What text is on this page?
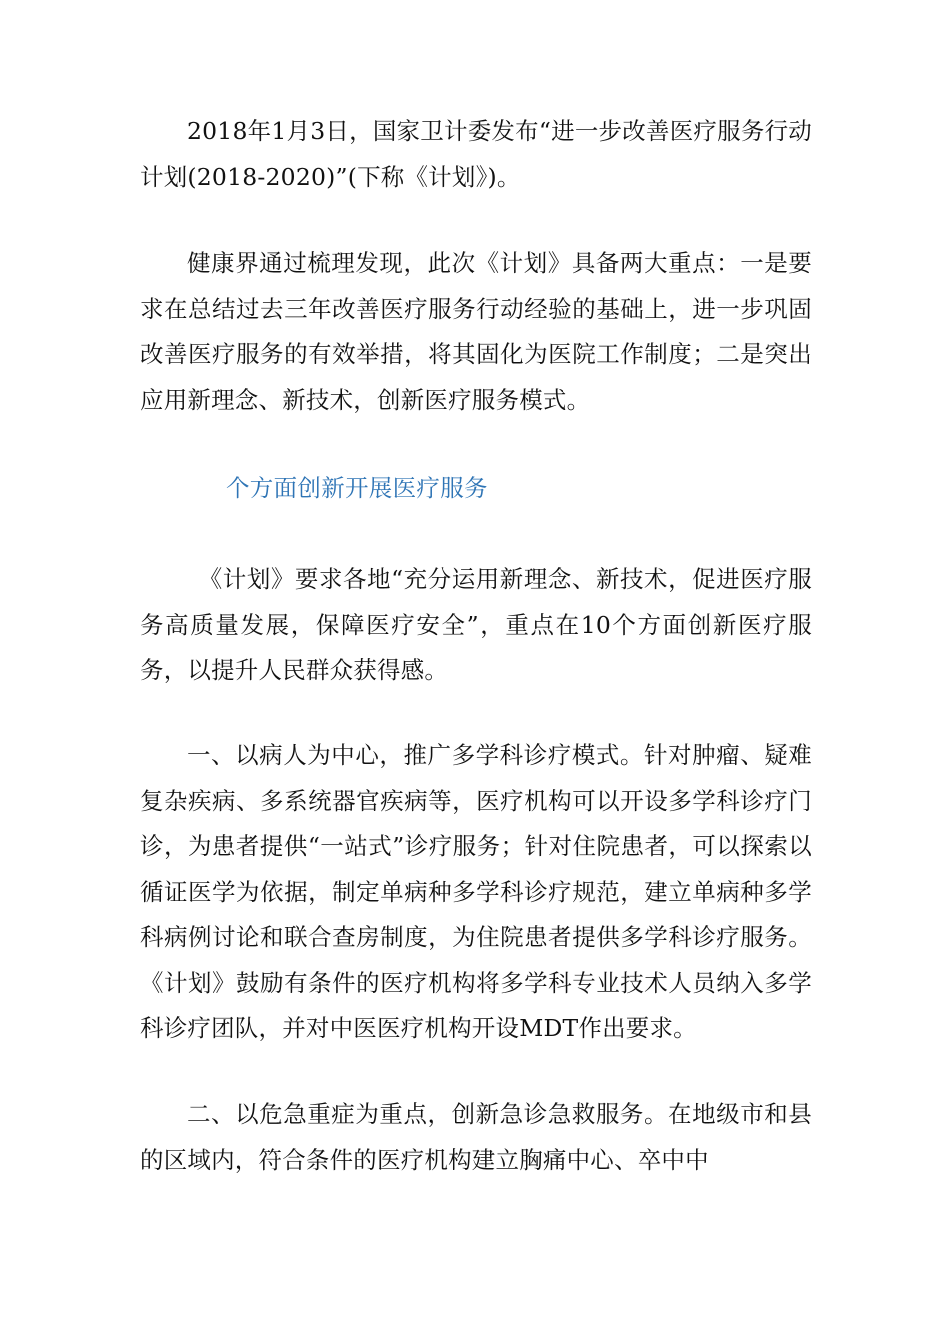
2018年1月3日，国家卫计委发布“进一步改善医疗服务行动计划(2018-2020)”(下称《计划》)。

健康界通过梳理发现，此次《计划》具备两大重点：一是要求在总结过去三年改善医疗服务行动经验的基础上，进一步巩固改善医疗服务的有效举措，将其固化为医院工作制度；二是突出应用新理念、新技术，创新医疗服务模式。

个方面创新开展医疗服务

《计划》要求各地“充分运用新理念、新技术，促进医疗服务高质量发展，保障医疗安全”，重点在10个方面创新医疗服务，以提升人民群众获得感。

一、以病人为中心，推广多学科诊疗模式。针对肿瘤、疑难复杂疾病、多系统器官疾病等，医疗机构可以开设多学科诊疗门诊，为患者提供“一站式”诊疗服务；针对住院患者，可以探索以循证医学为依据，制定单病种多学科诊疗规范，建立单病种多学科病例讨论和联合查房制度，为住院患者提供多学科诊疗服务。《计划》鼓励有条件的医疗机构将多学科专业技术人员纳入多学科诊疗团队，并对中医医疗机构开设MDT作出要求。

二、以危急重症为重点，创新急诊急救服务。在地级市和县的区域内，符合条件的医疗机构建立胸痛中心、卒中中
